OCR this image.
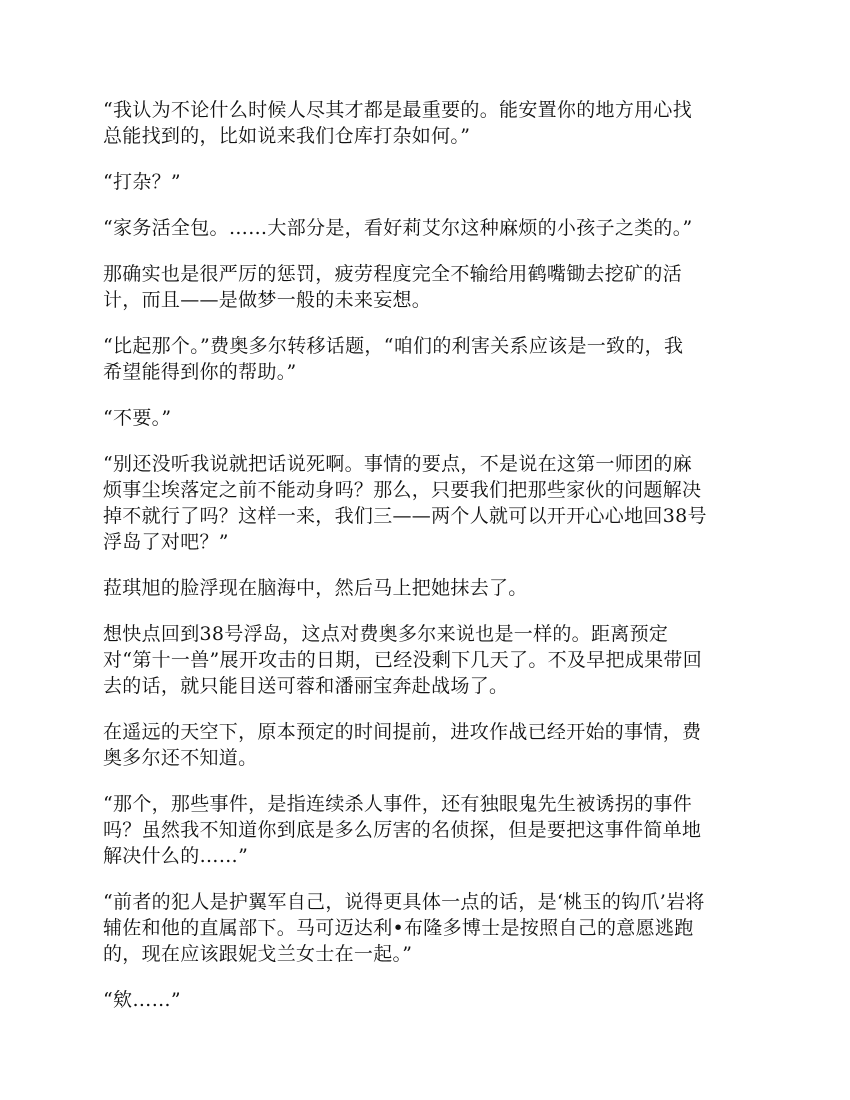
“我认为不论什么时候人尽其才都是最重要的。能安置你的地方用心找
总能找到的，比如说来我们仓库打杂如何。”
“打杂？”
“家务活全包。……大部分是，看好莉艾尔这种麻烦的小孩子之类的。”
那确实也是很严厉的惩罚，疲劳程度完全不输给用鹤嘴锄去挖矿的活
计，而且——是做梦一般的未来妄想。
“比起那个。”费奥多尔转移话题，“咱们的利害关系应该是一致的，我
希望能得到你的帮助。”
“不要。”
“别还没听我说就把话说死啊。事情的要点，不是说在这第一师团的麻
烦事尘埃落定之前不能动身吗？那么，只要我们把那些家伙的问题解决
掉不就行了吗？这样一来，我们三——两个人就可以开开心心地回38号
浮岛了对吧？”
菈琪旭的脸浮现在脑海中，然后马上把她抹去了。
想快点回到38号浮岛，这点对费奥多尔来说也是一样的。距离预定
对“第十一兽”展开攻击的日期，已经没剩下几天了。不及早把成果带回
去的话，就只能目送可蓉和潘丽宝奔赴战场了。
在遥远的天空下，原本预定的时间提前，进攻作战已经开始的事情，费
奥多尔还不知道。
“那个，那些事件，是指连续杀人事件，还有独眼鬼先生被诱拐的事件
吗？虽然我不知道你到底是多么厉害的名侦探，但是要把这事件简单地
解决什么的……”
“前者的犯人是护翼军自己，说得更具体一点的话，是‘桃玉的钩爪’岩将
辅佐和他的直属部下。马可迈达利•布隆多博士是按照自己的意愿逃跑
的，现在应该跟妮戈兰女士在一起。”
“欸……”
